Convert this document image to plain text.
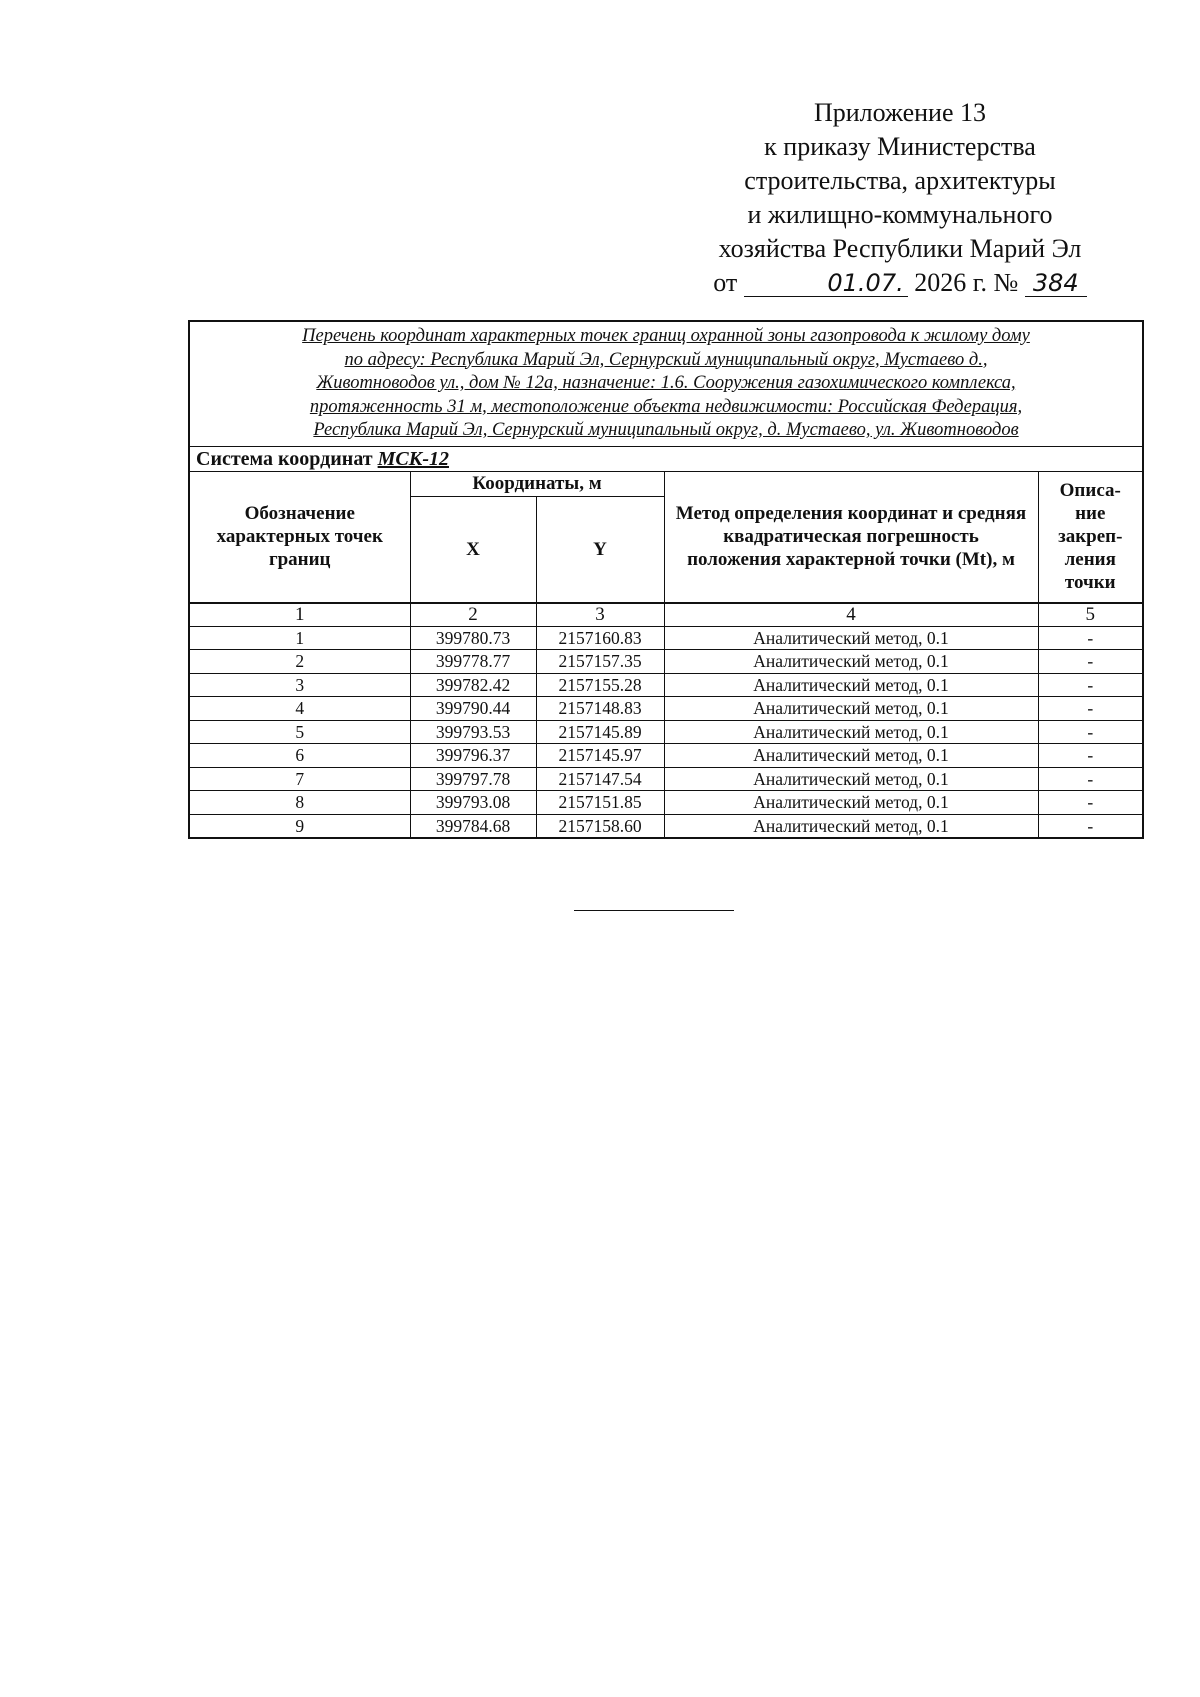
Приложение 13
к приказу Министерства
строительства, архитектуры
и жилищно-коммунального
хозяйства Республики Марий Эл
от	01.07. 2026 г. № 384
Перечень координат характерных точек границ охранной зоны газопровода к жилому дому
по адресу: Республика Марий Эл, Сернурский муниципальный округ, Мустаево д.,
Животноводов ул., дом № 12а, назначение: 1.6. Сооружения газохимического комплекса,
протяженность 31 м, местоположение объекта недвижимости: Российская Федерация,
Республика Марий Эл, Сернурский муниципальный округ, д. Мустаево, ул. Животноводов
Система координат МСК-12
Обозначение характерных точек границ	Координаты, м		Метод определения координат и средняя квадратическая погрешность положения характерной точки (Mt), м	Описа-ние закреп-ления точки
	X	Y		
1	2	3	4	5
1	399780.73	2157160.83	Аналитический метод, 0.1	-
2	399778.77	2157157.35	Аналитический метод, 0.1	-
3	399782.42	2157155.28	Аналитический метод, 0.1	-
4	399790.44	2157148.83	Аналитический метод, 0.1	-
5	399793.53	2157145.89	Аналитический метод, 0.1	-
6	399796.37	2157145.97	Аналитический метод, 0.1	-
7	399797.78	2157147.54	Аналитический метод, 0.1	-
8	399793.08	2157151.85	Аналитический метод, 0.1	-
9	399784.68	2157158.60	Аналитический метод, 0.1	-
